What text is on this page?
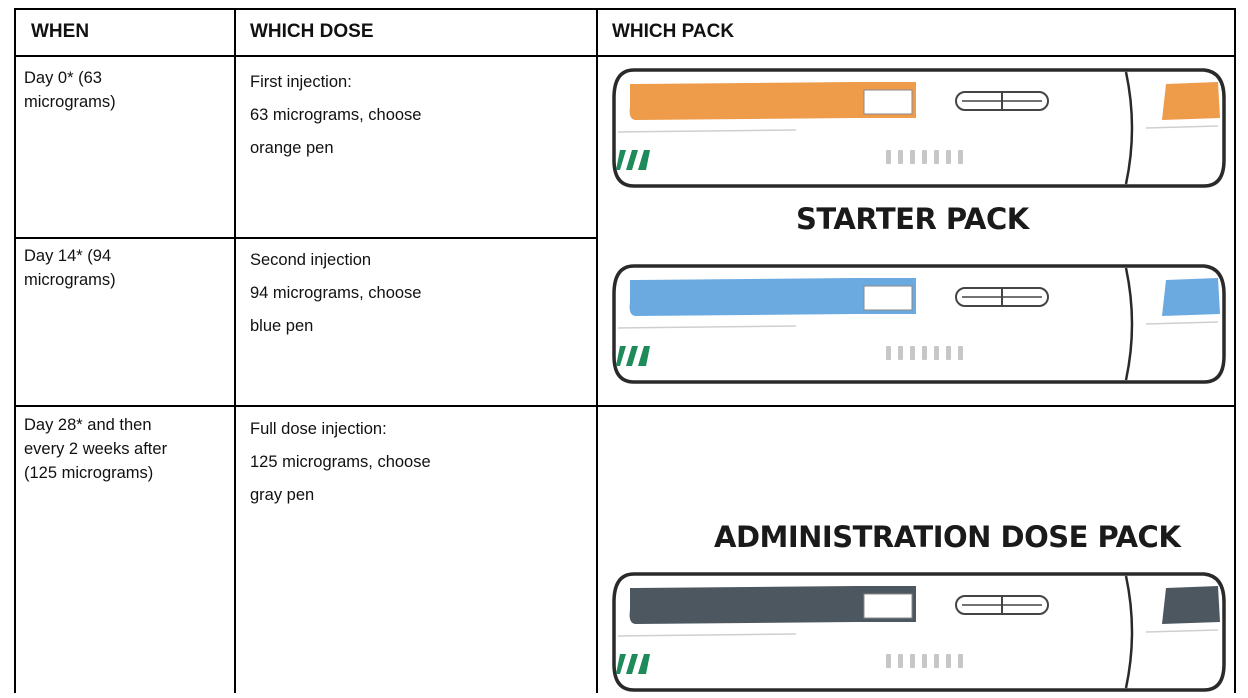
WHEN	WHICH DOSE	WHICH PACK
Day 0* (63
micrograms)
First injection:
63 micrograms, choose
orange pen
Day 14* (94
micrograms)
Second injection
94 micrograms, choose
blue pen
Day 28* and then
every 2 weeks after
(125 micrograms)
Full dose injection:
125 micrograms, choose
gray pen
STARTER PACK
ADMINISTRATION DOSE PACK
